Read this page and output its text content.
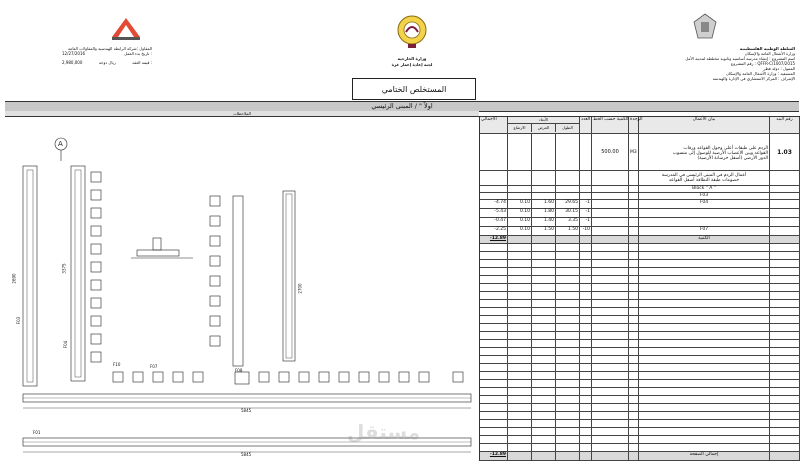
المقاول :شركة الرابطة الهندسية والمقاولات العامة
12/27/2016	تاريخ بدء العمل :
2,980,000	ريال دوحة	قيمة العقد :
وزارة الخارجية
لجنة إعادة إعمار غزة
السلطة الوطنية الفلسطينية
وزارة الأشغال العامة والإسكان
اسم المشروع : إنشاء مدرسة أساسية وثانوية مختلطة لمدينة الأمل
رقم المشروع : QFFR-C/1007/2015
الممول : دولة قطر
المستفيد : وزارة الأشغال العامة والإسكان
الإشراف : المركز الاستشاري في الإدارة والهندسة
المستخلص الختامي
اولاً " / المبنى الرئيسي
الملاحظات
A
F03
F04
F10	F07
F08
F01
5845
5845
2690
3375
2700
مستقل
الاجمالي	الأبعاد
الارتفاع	العرض	الطول
العدد الكمية حسب الخط الوحدة	بيان الأعمال	رقم البند
500.00	M3
الردم على طبقات أعلى وحول القواعد ورقاب
القواعد وبين الأعصاب الأرضية للوصول إلى منسوب
الدور الأرضي (أسفل خرسانة الأرضية)
1.03
أعمال الردم في المبنى الرئيسي في المدرسة
خصومات طبقة النظافة أسفل القواعد
Block " A "
F03
-4.74	0.10	1.60	29.65	-1	F04
-5.43	0.10	1.80	30.15	-1
-0.47	0.10	1.40	3.35	-1
-2.25	0.10	1.50	1.50	-10	F07
-12.89	الكمية
-12.89	إجمالي الصفحة
